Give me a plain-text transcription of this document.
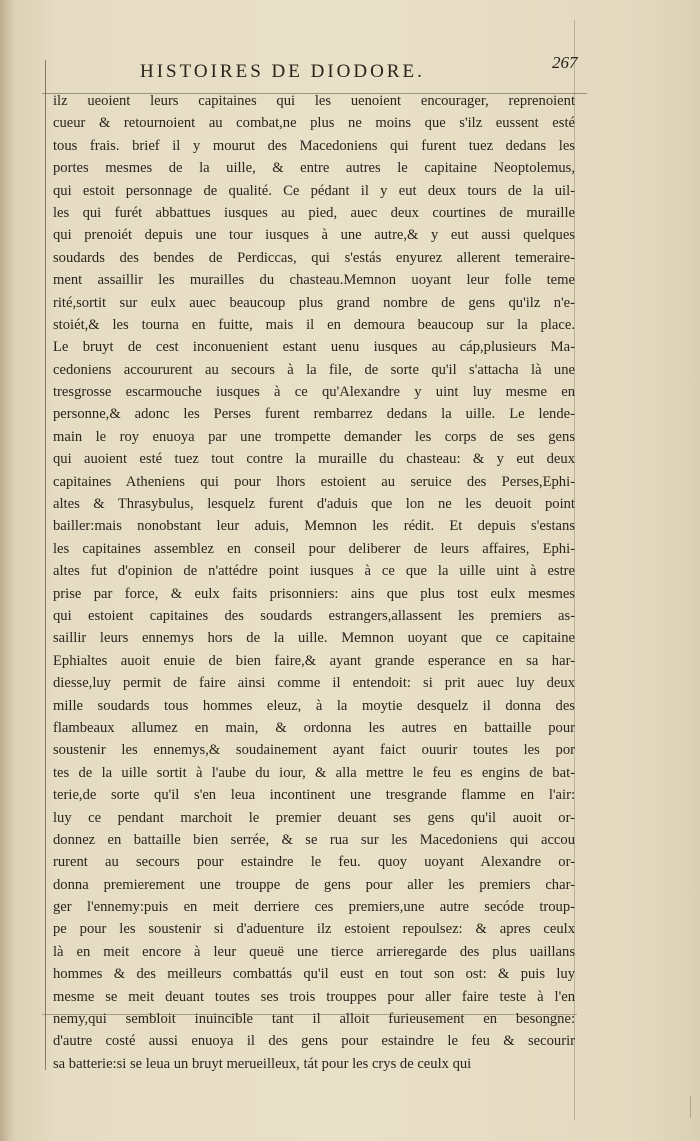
HISTOIRES DE DIODORE.	267
ilz ueoient leurs capitaines qui les uenoient encourager, reprenoient
cueur & retournoient au combat,ne plus ne moins que s'ilz eussent esté
tous frais. brief il y mourut des Macedoniens qui furent tuez dedans les
portes mesmes de la uille, & entre autres le capitaine Neoptolemus,
qui estoit personnage de qualité. Ce pédant il y eut deux tours de la uil-
les qui furét abbattues iusques au pied, auec deux courtines de muraille
qui prenoiét depuis une tour iusques à une autre,& y eut aussi quelques
soudards des bendes de Perdiccas, qui s'estás enyurez allerent temeraire-
ment assaillir les murailles du chasteau.Memnon uoyant leur folle teme
rité,sortit sur eulx auec beaucoup plus grand nombre de gens qu'ilz n'e-
stoiét,& les tourna en fuitte, mais il en demoura beaucoup sur la place.
Le bruyt de cest inconuenient estant uenu iusques au cáp,plusieurs Ma-
cedoniens accoururent au secours à la file, de sorte qu'il s'attacha là une
tresgrosse escarmouche iusques à ce qu'Alexandre y uint luy mesme en
personne,& adonc les Perses furent rembarrez dedans la uille. Le lende-
main le roy enuoya par une trompette demander les corps de ses gens
qui auoient esté tuez tout contre la muraille du chasteau: & y eut deux
capitaines Atheniens qui pour lhors estoient au seruice des Perses,Ephi-
altes & Thrasybulus, lesquelz furent d'aduis que lon ne les deuoit point
bailler:mais nonobstant leur aduis, Memnon les rédit. Et depuis s'estans
les capitaines assemblez en conseil pour deliberer de leurs affaires, Ephi-
altes fut d'opinion de n'attédre point iusques à ce que la uille uint à estre
prise par force, & eulx faits prisonniers: ains que plus tost eulx mesmes
qui estoient capitaines des soudards estrangers,allassent les premiers as-
saillir leurs ennemys hors de la uille. Memnon uoyant que ce capitaine
Ephialtes auoit enuie de bien faire,& ayant grande esperance en sa har-
diesse,luy permit de faire ainsi comme il entendoit: si prit auec luy deux
mille soudards tous hommes eleuz, à la moytie desquelz il donna des
flambeaux allumez en main, & ordonna les autres en battaille pour
soustenir les ennemys,& soudainement ayant faict ouurir toutes les por
tes de la uille sortit à l'aube du iour, & alla mettre le feu es engins de bat-
terie,de sorte qu'il s'en leua incontinent une tresgrande flamme en l'air:
luy ce pendant marchoit le premier deuant ses gens qu'il auoit or-
donnez en battaille bien serrée, & se rua sur les Macedoniens qui accou
rurent au secours pour estaindre le feu. quoy uoyant Alexandre or-
donna premierement une trouppe de gens pour aller les premiers char-
ger l'ennemy:puis en meit derriere ces premiers,une autre secóde troup-
pe pour les soustenir si d'aduenture ilz estoient repoulsez: & apres ceulx
là en meit encore à leur queuë une tierce arrieregarde des plus uaillans
hommes & des meilleurs combattás qu'il eust en tout son ost: & puis luy
mesme se meit deuant toutes ses trois trouppes pour aller faire teste à l'en
nemy,qui sembloit inuincible tant il alloit furieusement en besongne:
d'autre costé aussi enuoya il des gens pour estaindre le feu & secourir
sa batterie:si se leua un bruyt merueilleux, tát pour les crys de ceulx qui
